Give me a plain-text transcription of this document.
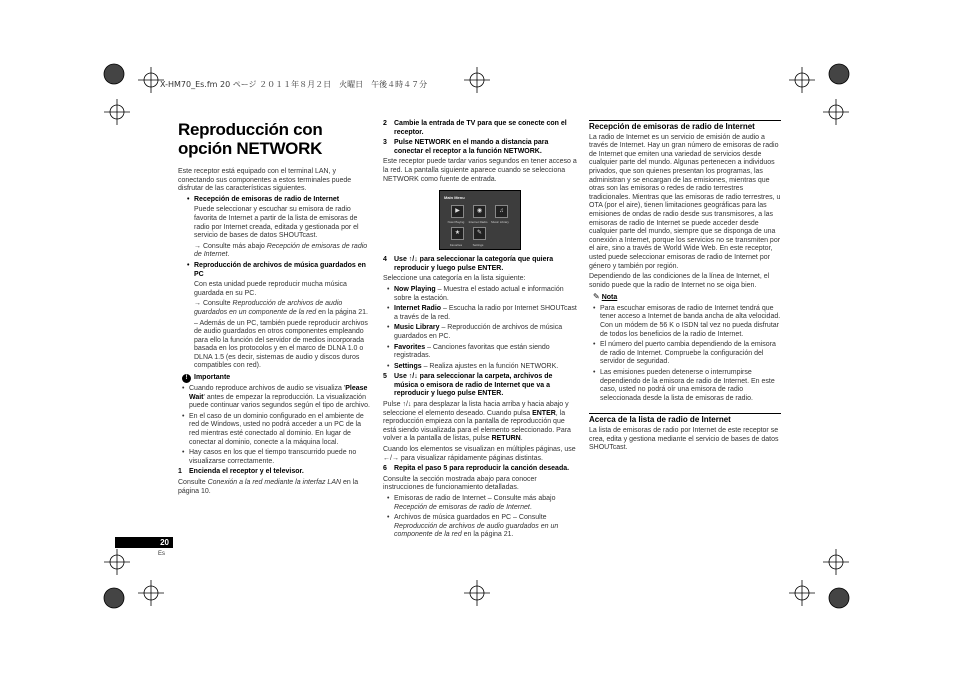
X-HM70_Es.fm 20 ページ ２０１１年８月２日　火曜日　午後４時４７分
Reproducción con opción NETWORK

Este receptor está equipado con el terminal LAN, y conectando sus componentes a estos terminales puede disfrutar de las características siguientes.

• Recepción de emisoras de radio de Internet

Puede seleccionar y escuchar su emisora de radio favorita de Internet a partir de la lista de emisoras de radio por Internet creada, editada y gestionada por el servicio de bases de datos SHOUTcast.

→ Consulte más abajo Recepción de emisoras de radio de Internet.

• Reproducción de archivos de música guardados en PC

Con esta unidad puede reproducir mucha música guardada en su PC.

→ Consulte Reproducción de archivos de audio guardados en un componente de la red en la página 21.

– Además de un PC, también puede reproducir archivos de audio guardados en otros componentes empleando para ello la función del servidor de medios incorporada basada en los protocolos y en el marco de DLNA 1.0 o DLNA 1.5 (es decir, sistemas de audio y discos duros compatibles con red).

! Importante

• Cuando reproduce archivos de audio se visualiza 'Please Wait' antes de empezar la reproducción. La visualización puede continuar varios segundos según el tipo de archivo.

• En el caso de un dominio configurado en el ambiente de red de Windows, usted no podrá acceder a un PC de la red mientras esté conectado al dominio. En lugar de conectar al dominio, conecte a la máquina local.

• Hay casos en los que el tiempo transcurrido puede no visualizarse correctamente.

1 Encienda el receptor y el televisor.

Consulte Conexión a la red mediante la interfaz LAN en la página 10.

2 Cambie la entrada de TV para que se conecte con el receptor.

3 Pulse NETWORK en el mando a distancia para conectar el receptor a la función NETWORK.

Este receptor puede tardar varios segundos en tener acceso a la red. La pantalla siguiente aparece cuando se selecciona NETWORK como fuente de entrada.

Main Menu
▶
Now Playing
◉
Internet Radio
♫
Music Library
★
Favorites
✎
Settings

4 Use ↑/↓ para seleccionar la categoría que quiera reproducir y luego pulse ENTER.

Seleccione una categoría en la lista siguiente:

• Now Playing – Muestra el estado actual e información sobre la estación.

• Internet Radio – Escucha la radio por Internet SHOUTcast a través de la red.

• Music Library – Reproducción de archivos de música guardados en PC.

• Favorites – Canciones favoritas que están siendo registradas.

• Settings – Realiza ajustes en la función NETWORK.

5 Use ↑/↓ para seleccionar la carpeta, archivos de música o emisora de radio de Internet que va a reproducir y luego pulse ENTER.

Pulse ↑/↓ para desplazar la lista hacia arriba y hacia abajo y seleccione el elemento deseado. Cuando pulsa ENTER, la reproducción empieza con la pantalla de reproducción que está siendo visualizada para el elemento seleccionado. Para volver a la pantalla de listas, pulse RETURN.

Cuando los elementos se visualizan en múltiples páginas, use ←/→ para visualizar rápidamente páginas distintas.

6 Repita el paso 5 para reproducir la canción deseada.

Consulte la sección mostrada abajo para conocer instrucciones de funcionamiento detalladas.

• Emisoras de radio de Internet – Consulte más abajo Recepción de emisoras de radio de Internet.

• Archivos de música guardados en PC – Consulte Reproducción de archivos de audio guardados en un componente de la red en la página 21.

Recepción de emisoras de radio de Internet

La radio de Internet es un servicio de emisión de audio a través de Internet. Hay un gran número de emisoras de radio de Internet que emiten una variedad de servicios desde cualquier parte del mundo. Algunas pertenecen a individuos privados, que son quienes presentan los programas, las administran y se encargan de las emisiones, mientras que otras son las emisoras o redes de radio terrestres tradicionales. Mientras que las emisoras de radio terrestres, u OTA (por el aire), tienen limitaciones geográficas para las emisiones de ondas de radio desde sus transmisores, a las emisoras de radio de Internet se puede acceder desde cualquier parte del mundo, siempre que se disponga de una conexión a Internet, porque los servicios no se transmiten por el aire, sino a través de World Wide Web. En este receptor, usted puede seleccionar emisoras de radio de Internet por género y también por región.

Dependiendo de las condiciones de la línea de Internet, el sonido puede que la radio de Internet no se oiga bien.

✎ Nota

• Para escuchar emisoras de radio de Internet tendrá que tener acceso a Internet de banda ancha de alta velocidad. Con un módem de 56 K o ISDN tal vez no pueda disfrutar de todos los beneficios de la radio de Internet.

• El número del puerto cambia dependiendo de la emisora de radio de Internet. Compruebe la configuración del servidor de seguridad.

• Las emisiones pueden detenerse o interrumpirse dependiendo de la emisora de radio de Internet. En este caso, usted no podrá oír una emisora de radio seleccionada desde la lista de emisoras de radio.

Acerca de la lista de radio de Internet

La lista de emisoras de radio por Internet de este receptor se crea, edita y gestiona mediante el servicio de bases de datos SHOUTcast.

20
Es
